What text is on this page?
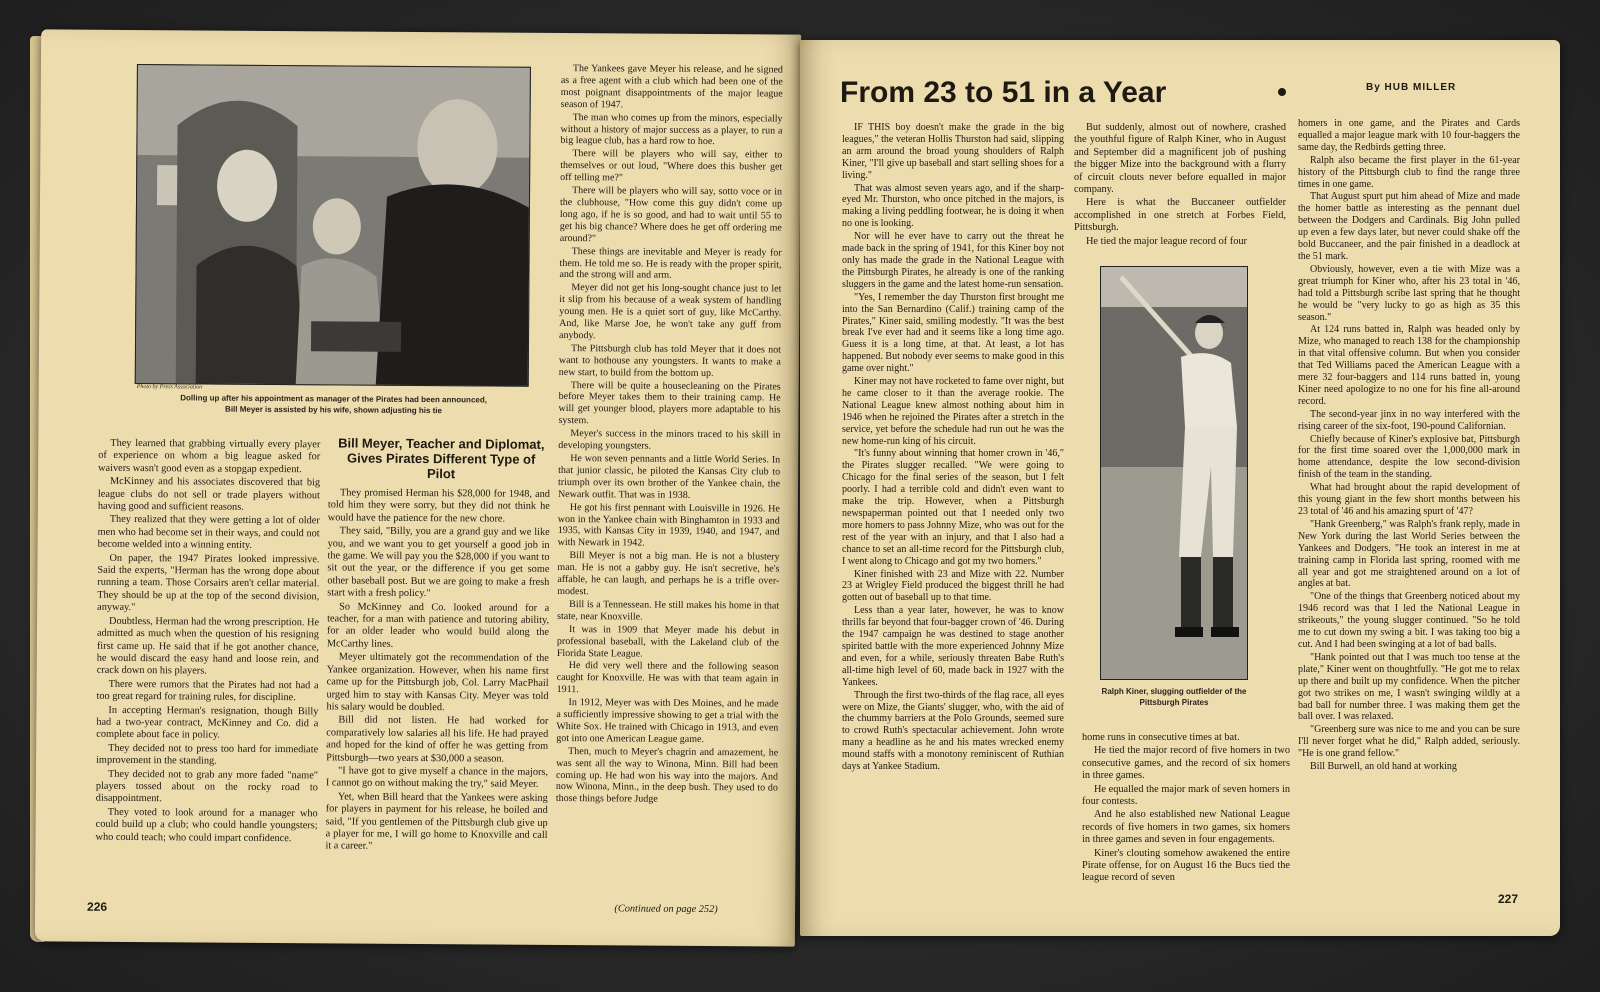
Photo by Press Association
Dolling up after his appointment as manager of the Pirates had been announced, Bill Meyer is assisted by his wife, shown adjusting his tie

They learned that grabbing virtually every player of experience on whom a big league asked for waivers wasn't good even as a stopgap expedient.

McKinney and his associates discovered that big league clubs do not sell or trade players without having good and sufficient reasons.

They realized that they were getting a lot of older men who had become set in their ways, and could not become welded into a winning entity.

On paper, the 1947 Pirates looked impressive. Said the experts, "Herman has the wrong dope about running a team. Those Corsairs aren't cellar material. They should be up at the top of the second division, anyway."

Doubtless, Herman had the wrong prescription. He admitted as much when the question of his resigning first came up. He said that if he got another chance, he would discard the easy hand and loose rein, and crack down on his players.

There were rumors that the Pirates had not had a too great regard for training rules, for discipline.

In accepting Herman's resignation, though Billy had a two-year contract, McKinney and Co. did a complete about face in policy.

They decided not to press too hard for immediate improvement in the standing.

They decided not to grab any more faded "name" players tossed about on the rocky road to disappointment.

They voted to look around for a manager who could build up a club; who could handle youngsters; who could teach; who could impart confidence.

Bill Meyer, Teacher and Diplomat, Gives Pirates Different Type of Pilot

They promised Herman his $28,000 for 1948, and told him they were sorry, but they did not think he would have the patience for the new chore.

They said, "Billy, you are a grand guy and we like you, and we want you to get yourself a good job in the game. We will pay you the $28,000 if you want to sit out the year, or the difference if you get some other baseball post. But we are going to make a fresh start with a fresh policy."

So McKinney and Co. looked around for a teacher, for a man with patience and tutoring ability, for an older leader who would build along the McCarthy lines.

Meyer ultimately got the recommendation of the Yankee organization. However, when his name first came up for the Pittsburgh job, Col. Larry MacPhail urged him to stay with Kansas City. Meyer was told his salary would be doubled.

Bill did not listen. He had worked for comparatively low salaries all his life. He had prayed and hoped for the kind of offer he was getting from Pittsburgh—two years at $30,000 a season.

"I have got to give myself a chance in the majors, I cannot go on without making the try," said Meyer.

Yet, when Bill heard that the Yankees were asking for players in payment for his release, he boiled and said, "If you gentlemen of the Pittsburgh club give up a player for me, I will go home to Knoxville and call it a career."

The Yankees gave Meyer his release, and he signed as a free agent with a club which had been one of the most poignant disappointments of the major league season of 1947.

The man who comes up from the minors, especially without a history of major success as a player, to run a big league club, has a hard row to hoe.

There will be players who will say, either to themselves or out loud, "Where does this busher get off telling me?"

There will be players who will say, sotto voce or in the clubhouse, "How come this guy didn't come up long ago, if he is so good, and had to wait until 55 to get his big chance? Where does he get off ordering me around?"

These things are inevitable and Meyer is ready for them. He told me so. He is ready with the proper spirit, and the strong will and arm.

Meyer did not get his long-sought chance just to let it slip from his because of a weak system of handling young men. He is a quiet sort of guy, like McCarthy. And, like Marse Joe, he won't take any guff from anybody.

The Pittsburgh club has told Meyer that it does not want to hothouse any youngsters. It wants to make a new start, to build from the bottom up.

There will be quite a housecleaning on the Pirates before Meyer takes them to their training camp. He will get younger blood, players more adaptable to his system.

Meyer's success in the minors traced to his skill in developing youngsters.

He won seven pennants and a little World Series. In that junior classic, he piloted the Kansas City club to triumph over its own brother of the Yankee chain, the Newark outfit. That was in 1938.

He got his first pennant with Louisville in 1926. He won in the Yankee chain with Binghamton in 1933 and 1935, with Kansas City in 1939, 1940, and 1947, and with Newark in 1942.

Bill Meyer is not a big man. He is not a blustery man. He is not a gabby guy. He isn't secretive, he's affable, he can laugh, and perhaps he is a trifle over-modest.

Bill is a Tennessean. He still makes his home in that state, near Knoxville.

It was in 1909 that Meyer made his debut in professional baseball, with the Lakeland club of the Florida State League.

He did very well there and the following season caught for Knoxville. He was with that team again in 1911.

In 1912, Meyer was with Des Moines, and he made a sufficiently impressive showing to get a trial with the White Sox. He trained with Chicago in 1913, and even got into one American League game.

Then, much to Meyer's chagrin and amazement, he was sent all the way to Winona, Minn. Bill had been coming up. He had won his way into the majors. And now Winona, Minn., in the deep bush. They used to do those things before Judge

(Continued on page 252)
226
From 23 to 51 in a Year	By HUB MILLER

IF THIS boy doesn't make the grade in the big leagues," the veteran Hollis Thurston had said, slipping an arm around the broad young shoulders of Ralph Kiner, "I'll give up baseball and start selling shoes for a living."

That was almost seven years ago, and if the sharp-eyed Mr. Thurston, who once pitched in the majors, is making a living peddling footwear, he is doing it when no one is looking.

Nor will he ever have to carry out the threat he made back in the spring of 1941, for this Kiner boy not only has made the grade in the National League with the Pittsburgh Pirates, he already is one of the ranking sluggers in the game and the latest home-run sensation.

"Yes, I remember the day Thurston first brought me into the San Bernardino (Calif.) training camp of the Pirates," Kiner said, smiling modestly. "It was the best break I've ever had and it seems like a long time ago. Guess it is a long time, at that. At least, a lot has happened. But nobody ever seems to make good in this game over night."

Kiner may not have rocketed to fame over night, but he came closer to it than the average rookie. The National League knew almost nothing about him in 1946 when he rejoined the Pirates after a stretch in the service, yet before the schedule had run out he was the new home-run king of his circuit.

"It's funny about winning that homer crown in '46," the Pirates slugger recalled. "We were going to Chicago for the final series of the season, but I felt poorly. I had a terrible cold and didn't even want to make the trip. However, when a Pittsburgh newspaperman pointed out that I needed only two more homers to pass Johnny Mize, who was out for the rest of the year with an injury, and that I also had a chance to set an all-time record for the Pittsburgh club, I went along to Chicago and got my two homers."

Kiner finished with 23 and Mize with 22. Number 23 at Wrigley Field produced the biggest thrill he had gotten out of baseball up to that time.

Less than a year later, however, he was to know thrills far beyond that four-bagger crown of '46. During the 1947 campaign he was destined to stage another spirited battle with the more experienced Johnny Mize and even, for a while, seriously threaten Babe Ruth's all-time high level of 60, made back in 1927 with the Yankees.

Through the first two-thirds of the flag race, all eyes were on Mize, the Giants' slugger, who, with the aid of the chummy barriers at the Polo Grounds, seemed sure to crowd Ruth's spectacular achievement. John wrote many a headline as he and his mates wrecked enemy mound staffs with a monotony reminiscent of Ruthian days at Yankee Stadium.

But suddenly, almost out of nowhere, crashed the youthful figure of Ralph Kiner, who in August and September did a magnificent job of pushing the bigger Mize into the background with a flurry of circuit clouts never before equalled in major company.

Here is what the Buccaneer outfielder accomplished in one stretch at Forbes Field, Pittsburgh.

He tied the major league record of four

Ralph Kiner, slugging outfielder of the Pittsburgh Pirates

home runs in consecutive times at bat.

He tied the major record of five homers in two consecutive games, and the record of six homers in three games.

He equalled the major mark of seven homers in four contests.

And he also established new National League records of five homers in two games, six homers in three games and seven in four engagements.

Kiner's clouting somehow awakened the entire Pirate offense, for on August 16 the Bucs tied the league record of seven

homers in one game, and the Pirates and Cards equalled a major league mark with 10 four-baggers the same day, the Redbirds getting three.

Ralph also became the first player in the 61-year history of the Pittsburgh club to find the range three times in one game.

That August spurt put him ahead of Mize and made the homer battle as interesting as the pennant duel between the Dodgers and Cardinals. Big John pulled up even a few days later, but never could shake off the bold Buccaneer, and the pair finished in a deadlock at the 51 mark.

Obviously, however, even a tie with Mize was a great triumph for Kiner who, after his 23 total in '46, had told a Pittsburgh scribe last spring that he thought he would be "very lucky to go as high as 35 this season."

At 124 runs batted in, Ralph was headed only by Mize, who managed to reach 138 for the championship in that vital offensive column. But when you consider that Ted Williams paced the American League with a mere 32 four-baggers and 114 runs batted in, young Kiner need apologize to no one for his fine all-around record.

The second-year jinx in no way interfered with the rising career of the six-foot, 190-pound Californian.

Chiefly because of Kiner's explosive bat, Pittsburgh for the first time soared over the 1,000,000 mark in home attendance, despite the low second-division finish of the team in the standing.

What had brought about the rapid development of this young giant in the few short months between his 23 total of '46 and his amazing spurt of '47?

"Hank Greenberg," was Ralph's frank reply, made in New York during the last World Series between the Yankees and Dodgers. "He took an interest in me at training camp in Florida last spring, roomed with me all year and got me straightened around on a lot of angles at bat.

"One of the things that Greenberg noticed about my 1946 record was that I led the National League in strikeouts," the young slugger continued. "So he told me to cut down my swing a bit. I was taking too big a cut. And I had been swinging at a lot of bad balls.

"Hank pointed out that I was much too tense at the plate," Kiner went on thoughtfully. "He got me to relax up there and built up my confidence. When the pitcher got two strikes on me, I wasn't swinging wildly at a bad ball for number three. I was making them get the ball over. I was relaxed.

"Greenberg sure was nice to me and you can be sure I'll never forget what he did," Ralph added, seriously. "He is one grand fellow."

Bill Burwell, an old hand at working

227
